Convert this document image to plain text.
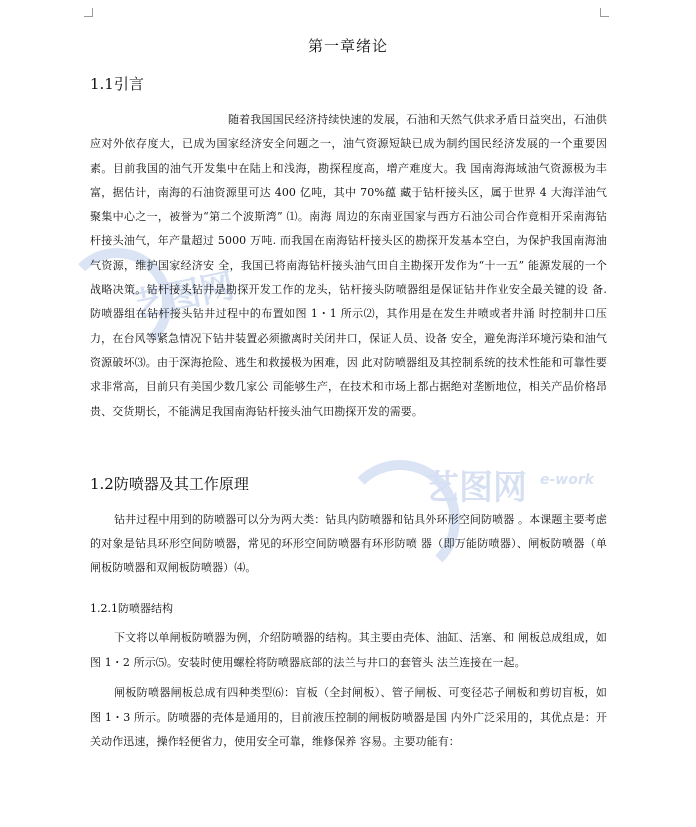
艺图网
艺图网 e-work
第一章绪论
1.1引言
随着我国国民经济持续快速的发展，石油和天然气供求矛盾日益突出，石油供应对外依存度大，已成为国家经济安全问题之一，油气资源短缺已成为制约国民经济发展的一个重要因素。目前我国的油气开发集中在陆上和浅海，勘探程度高，增产难度大。我 国南海海域油气资源极为丰富，据估计，南海的石油资源里可达 400 亿吨，其中 70%蕴 藏于钻杆接头区，属于世界 4 大海洋油气聚集中心之一，被誉为“第二个波斯湾” ⑴。南海 周边的东南亚国家与西方石油公司合作竟相开采南海钻杆接头油气，年产量超过 5000 万吨. 而我国在南海钻杆接头区的勘探开发基本空白，为保护我国南海油气资源，维护国家经济安 全，我国已将南海钻杆接头油气田自主勘探开发作为“十一五” 能源发展的一个战略决策。钻杆接头钻井是勘探开发工作的龙头，钻杆接头防喷器组是保证钻井作业安全最关键的设 备.防喷器组在钻杆接头钻井过程中的布置如图 1・1 所示⑵，其作用是在发生井喷或者井涌 时控制井口压力，在台风等紧急情况下钻井装置必须撤离时关闭井口，保证人员、设备 安全，避免海洋环境污染和油气资源破坏⑶。由于深海抢险、逃生和救援极为困难，因 此对防喷器组及其控制系统的技术性能和可靠性要求非常高，目前只有美国少数几家公 司能够生产，在技术和市场上都占据绝对垄断地位，相关产品价格昂贵、交货期长，不能满足我国南海钻杆接头油气田勘探开发的需要。
1.2防喷器及其工作原理
钻井过程中用到的防喷器可以分为两大类：钻具内防喷器和钻具外环形空间防喷器 。本课题主要考虑的对象是钻具环形空间防喷器，常见的环形空间防喷器有环形防喷 器（即万能防喷器）、闸板防喷器（单闸板防喷器和双闸板防喷器）⑷。
1.2.1防喷器结构
下文将以单闸板防喷器为例，介绍防喷器的结构。其主要由壳体、油缸、活塞、和 闸板总成组成，如图 1・2 所示⑸。安装时使用螺栓将防喷器底部的法兰与井口的套管头 法兰连接在一起。
闸板防喷器闸板总成有四种类型⑹：盲板（全封闸板）、管子闸板、可变径芯子闸板和剪切盲板，如图 1・3 所示。防喷器的壳体是通用的，目前液压控制的闸板防喷器是国 内外广泛采用的，其优点是：开关动作迅速，操作轻便省力，使用安全可靠，维修保养 容易。主要功能有：
